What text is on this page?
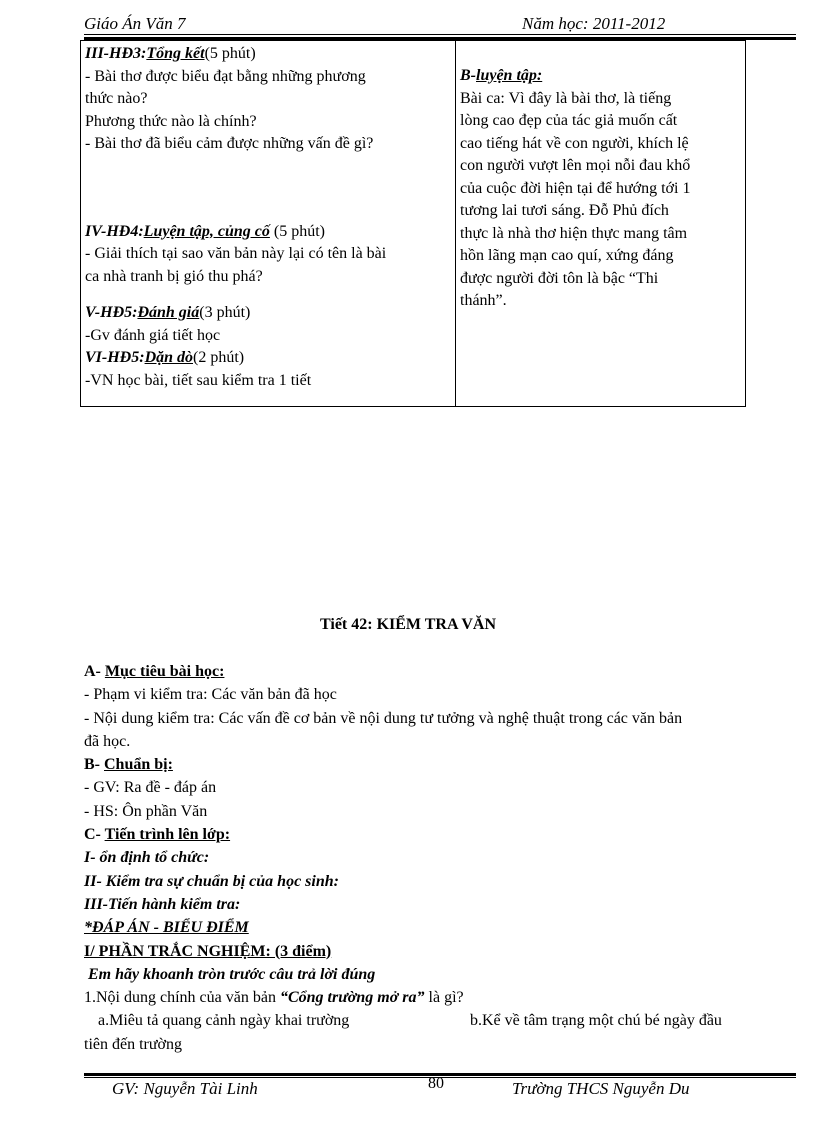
Giáo Án Văn 7	Năm học: 2011-2012
III-HĐ3:Tổng kết(5 phút)
- Bài thơ được biểu đạt bằng những phương
thức nào?
Phương thức nào là chính?
- Bài thơ đã biểu cảm được những vấn đề gì?
IV-HĐ4:Luyện tập, củng cố (5 phút)
- Giải thích tại sao văn bản này lại có tên là bài
ca nhà tranh bị gió thu phá?
V-HĐ5:Đánh giá(3 phút)
-Gv đánh giá tiết học
VI-HĐ5:Dặn dò(2 phút)
-VN học bài, tiết sau kiểm tra 1 tiết

B-luyện tập:
Bài ca: Vì đây là bài thơ, là tiếng
lòng cao đẹp của tác giả muốn cất
cao tiếng hát về con người, khích lệ
con người vượt lên mọi nỗi đau khổ
của cuộc đời hiện tại để hướng tới 1
tương lai tươi sáng. Đỗ Phủ đích
thực là nhà thơ hiện thực mang tâm
hồn lãng mạn cao quí, xứng đáng
được người đời tôn là bậc “Thi
thánh”.
Tiết 42: KIỂM TRA VĂN
A- Mục tiêu bài học:
- Phạm vi kiểm tra: Các văn bản đã học
- Nội dung kiểm tra: Các vấn đề cơ bản về nội dung tư tưởng và nghệ thuật trong các văn bản
đã học.
B- Chuẩn bị:
- GV: Ra đề - đáp án
- HS: Ôn phần Văn
C- Tiến trình lên lớp:
I- ổn định tổ chức:
II- Kiểm tra sự chuẩn bị của học sinh:
III-Tiến hành kiểm tra:
*ĐÁP ÁN - BIỂU ĐIỂM
I/ PHẦN TRẮC NGHIỆM: (3 điểm)
Em hãy khoanh tròn trước câu trả lời đúng
1.Nội dung chính của văn bản “Cổng trường mở ra” là gì?
a.Miêu tả quang cảnh ngày khai trường	b.Kể về tâm trạng một chú bé ngày đầu
tiên đến trường
GV: Nguyễn Tài Linh	80	Trường THCS Nguyễn Du
